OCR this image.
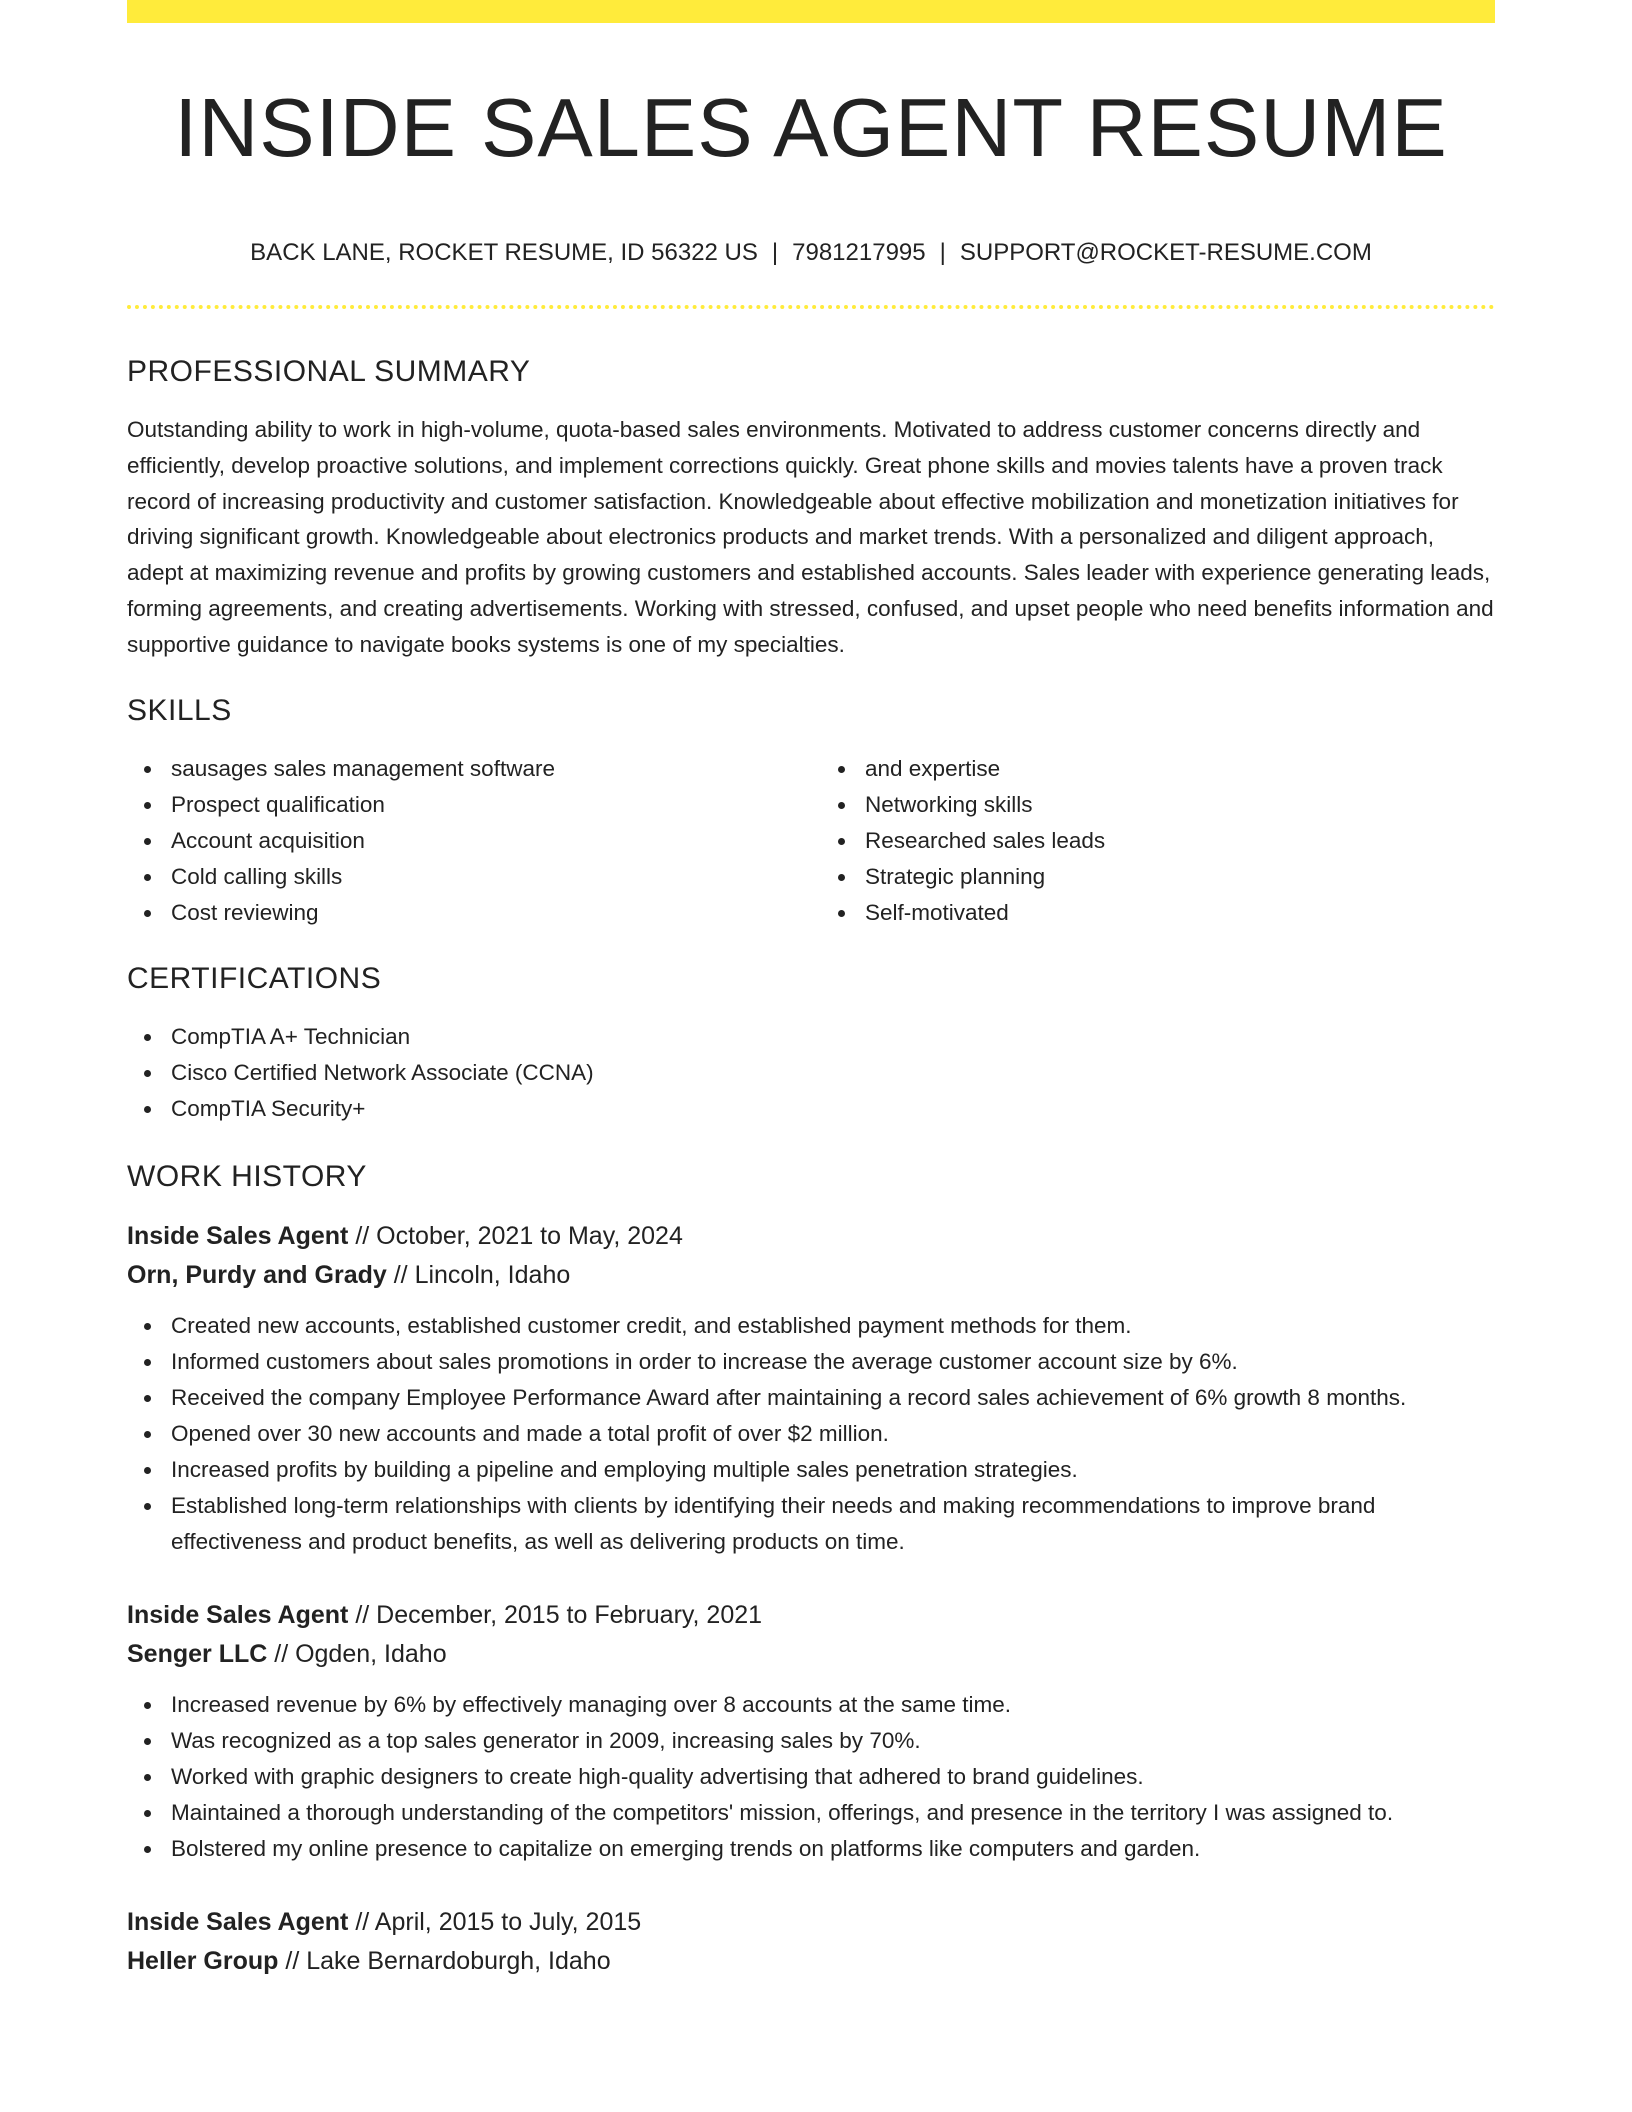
INSIDE SALES AGENT RESUME
BACK LANE, ROCKET RESUME, ID 56322 US | 7981217995 | SUPPORT@ROCKET-RESUME.COM
PROFESSIONAL SUMMARY

Outstanding ability to work in high-volume, quota-based sales environments. Motivated to address customer concerns directly and efficiently, develop proactive solutions, and implement corrections quickly. Great phone skills and movies talents have a proven track record of increasing productivity and customer satisfaction. Knowledgeable about effective mobilization and monetization initiatives for driving significant growth. Knowledgeable about electronics products and market trends. With a personalized and diligent approach, adept at maximizing revenue and profits by growing customers and established accounts. Sales leader with experience generating leads, forming agreements, and creating advertisements. Working with stressed, confused, and upset people who need benefits information and supportive guidance to navigate books systems is one of my specialties.

SKILLS
sausages sales management software
Prospect qualification
Account acquisition
Cold calling skills
Cost reviewing
and expertise
Networking skills
Researched sales leads
Strategic planning
Self-motivated
CERTIFICATIONS
CompTIA A+ Technician
Cisco Certified Network Associate (CCNA)
CompTIA Security+
WORK HISTORY
Inside Sales Agent // October, 2021 to May, 2024
Orn, Purdy and Grady // Lincoln, Idaho
Created new accounts, established customer credit, and established payment methods for them.
Informed customers about sales promotions in order to increase the average customer account size by 6%.
Received the company Employee Performance Award after maintaining a record sales achievement of 6% growth 8 months.
Opened over 30 new accounts and made a total profit of over $2 million.
Increased profits by building a pipeline and employing multiple sales penetration strategies.
Established long-term relationships with clients by identifying their needs and making recommendations to improve brand effectiveness and product benefits, as well as delivering products on time.
Inside Sales Agent // December, 2015 to February, 2021
Senger LLC // Ogden, Idaho
Increased revenue by 6% by effectively managing over 8 accounts at the same time.
Was recognized as a top sales generator in 2009, increasing sales by 70%.
Worked with graphic designers to create high-quality advertising that adhered to brand guidelines.
Maintained a thorough understanding of the competitors' mission, offerings, and presence in the territory I was assigned to.
Bolstered my online presence to capitalize on emerging trends on platforms like computers and garden.
Inside Sales Agent // April, 2015 to July, 2015
Heller Group // Lake Bernardoburgh, Idaho
